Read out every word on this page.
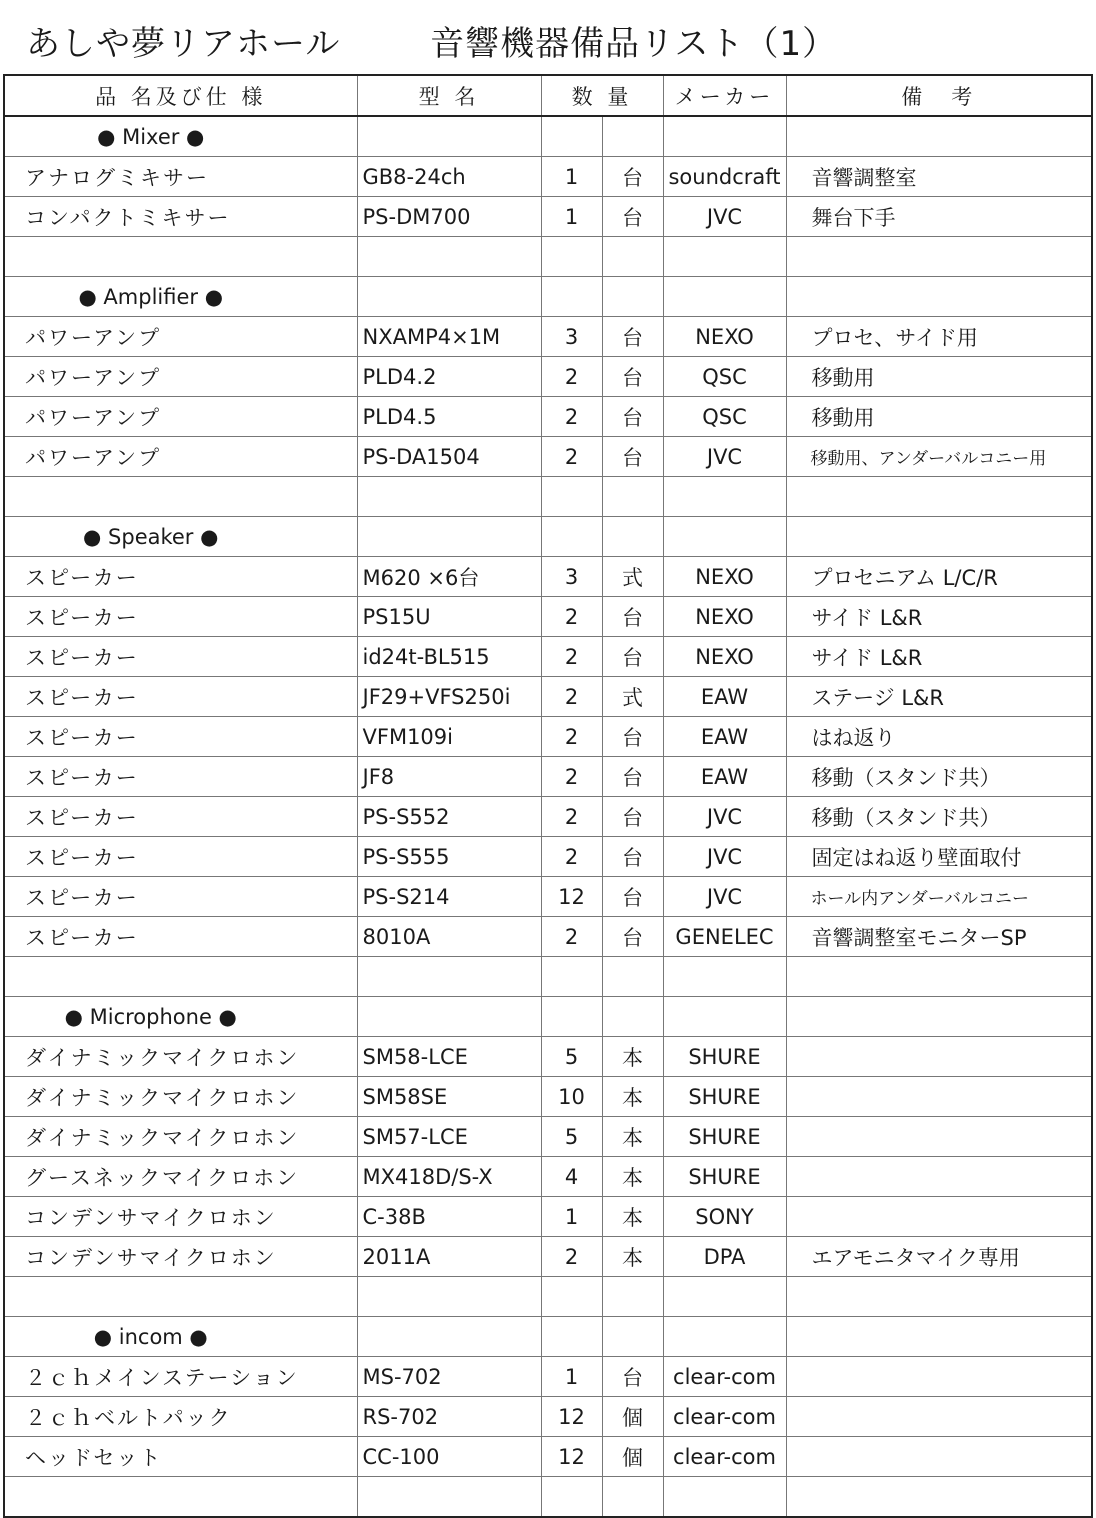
あしや夢リアホール	音響機器備品リスト（1）
品 名及び仕 様	型 名	数 量		メーカー	備　考
● Mixer ●					
アナログミキサー	GB8-24ch	1	台	soundcraft	音響調整室
コンパクトミキサー	PS-DM700	1	台	JVC	舞台下手

● Amplifier ●					
パワーアンプ	NXAMP4×1M	3	台	NEXO	プロセ、サイド用
パワーアンプ	PLD4.2	2	台	QSC	移動用
パワーアンプ	PLD4.5	2	台	QSC	移動用
パワーアンプ	PS-DA1504	2	台	JVC	移動用、アンダーバルコニー用

● Speaker ●					
スピーカー	M620 ×6台	3	式	NEXO	プロセニアム L/C/R
スピーカー	PS15U	2	台	NEXO	サイド L&R
スピーカー	id24t-BL515	2	台	NEXO	サイド L&R
スピーカー	JF29+VFS250i	2	式	EAW	ステージ L&R
スピーカー	VFM109i	2	台	EAW	はね返り
スピーカー	JF8	2	台	EAW	移動（スタンド共）
スピーカー	PS-S552	2	台	JVC	移動（スタンド共）
スピーカー	PS-S555	2	台	JVC	固定はね返り壁面取付
スピーカー	PS-S214	12	台	JVC	ホール内アンダーバルコニー
スピーカー	8010A	2	台	GENELEC	音響調整室モニターSP

● Microphone ●					
ダイナミックマイクロホン	SM58-LCE	5	本	SHURE	
ダイナミックマイクロホン	SM58SE	10	本	SHURE	
ダイナミックマイクロホン	SM57-LCE	5	本	SHURE	
グースネックマイクロホン	MX418D/S-X	4	本	SHURE	
コンデンサマイクロホン	C-38B	1	本	SONY	
コンデンサマイクロホン	2011A	2	本	DPA	エアモニタマイク専用

● incom ●					
２ｃｈメインステーション	MS-702	1	台	clear-com	
２ｃｈベルトパック	RS-702	12	個	clear-com	
ヘッドセット	CC-100	12	個	clear-com	
